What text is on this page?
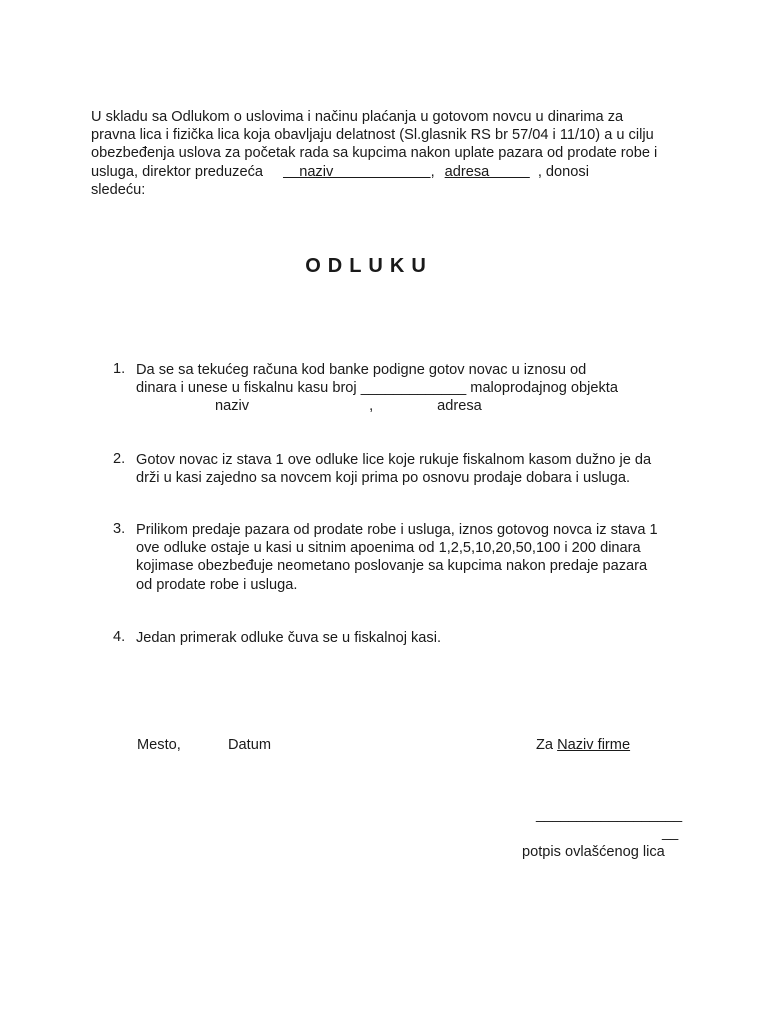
U skladu sa Odlukom o uslovima i načinu plaćanja u gotovom novcu u dinarima za
pravna lica i fizička lica koja obavljaju delatnost (Sl.glasnik RS br 57/04 i 11/10) a u cilju
obezbeđenja uslova za početak rada sa kupcima nakon uplate pazara od prodate robe i
usluga, direktor preduzeća    naziv                        , adresa          , donosi
sledeću:
ODLUKU
1. Da se sa tekućeg računa kod banke podigne gotov novac u iznosu od
dinara i unese u fiskalnu kasu broj _____________ maloprodajnog objekta
naziv	,	adresa
2. Gotov novac iz stava 1 ove odluke lice koje rukuje fiskalnom kasom dužno je da
drži u kasi zajedno sa novcem koji prima po osnovu prodaje dobara i usluga.
3. Prilikom predaje pazara od prodate robe i usluga, iznos gotovog novca iz stava 1
ove odluke ostaje u kasi u sitnim apoenima od 1,2,5,10,20,50,100 i 200 dinara
kojimase obezbeđuje neometano poslovanje sa kupcima nakon predaje pazara
od prodate robe i usluga.
4. Jedan primerak odluke čuva se u fiskalnoj kasi.
Mesto,	Datum	Za Naziv firme
__________________
__
potpis ovlašćenog lica
